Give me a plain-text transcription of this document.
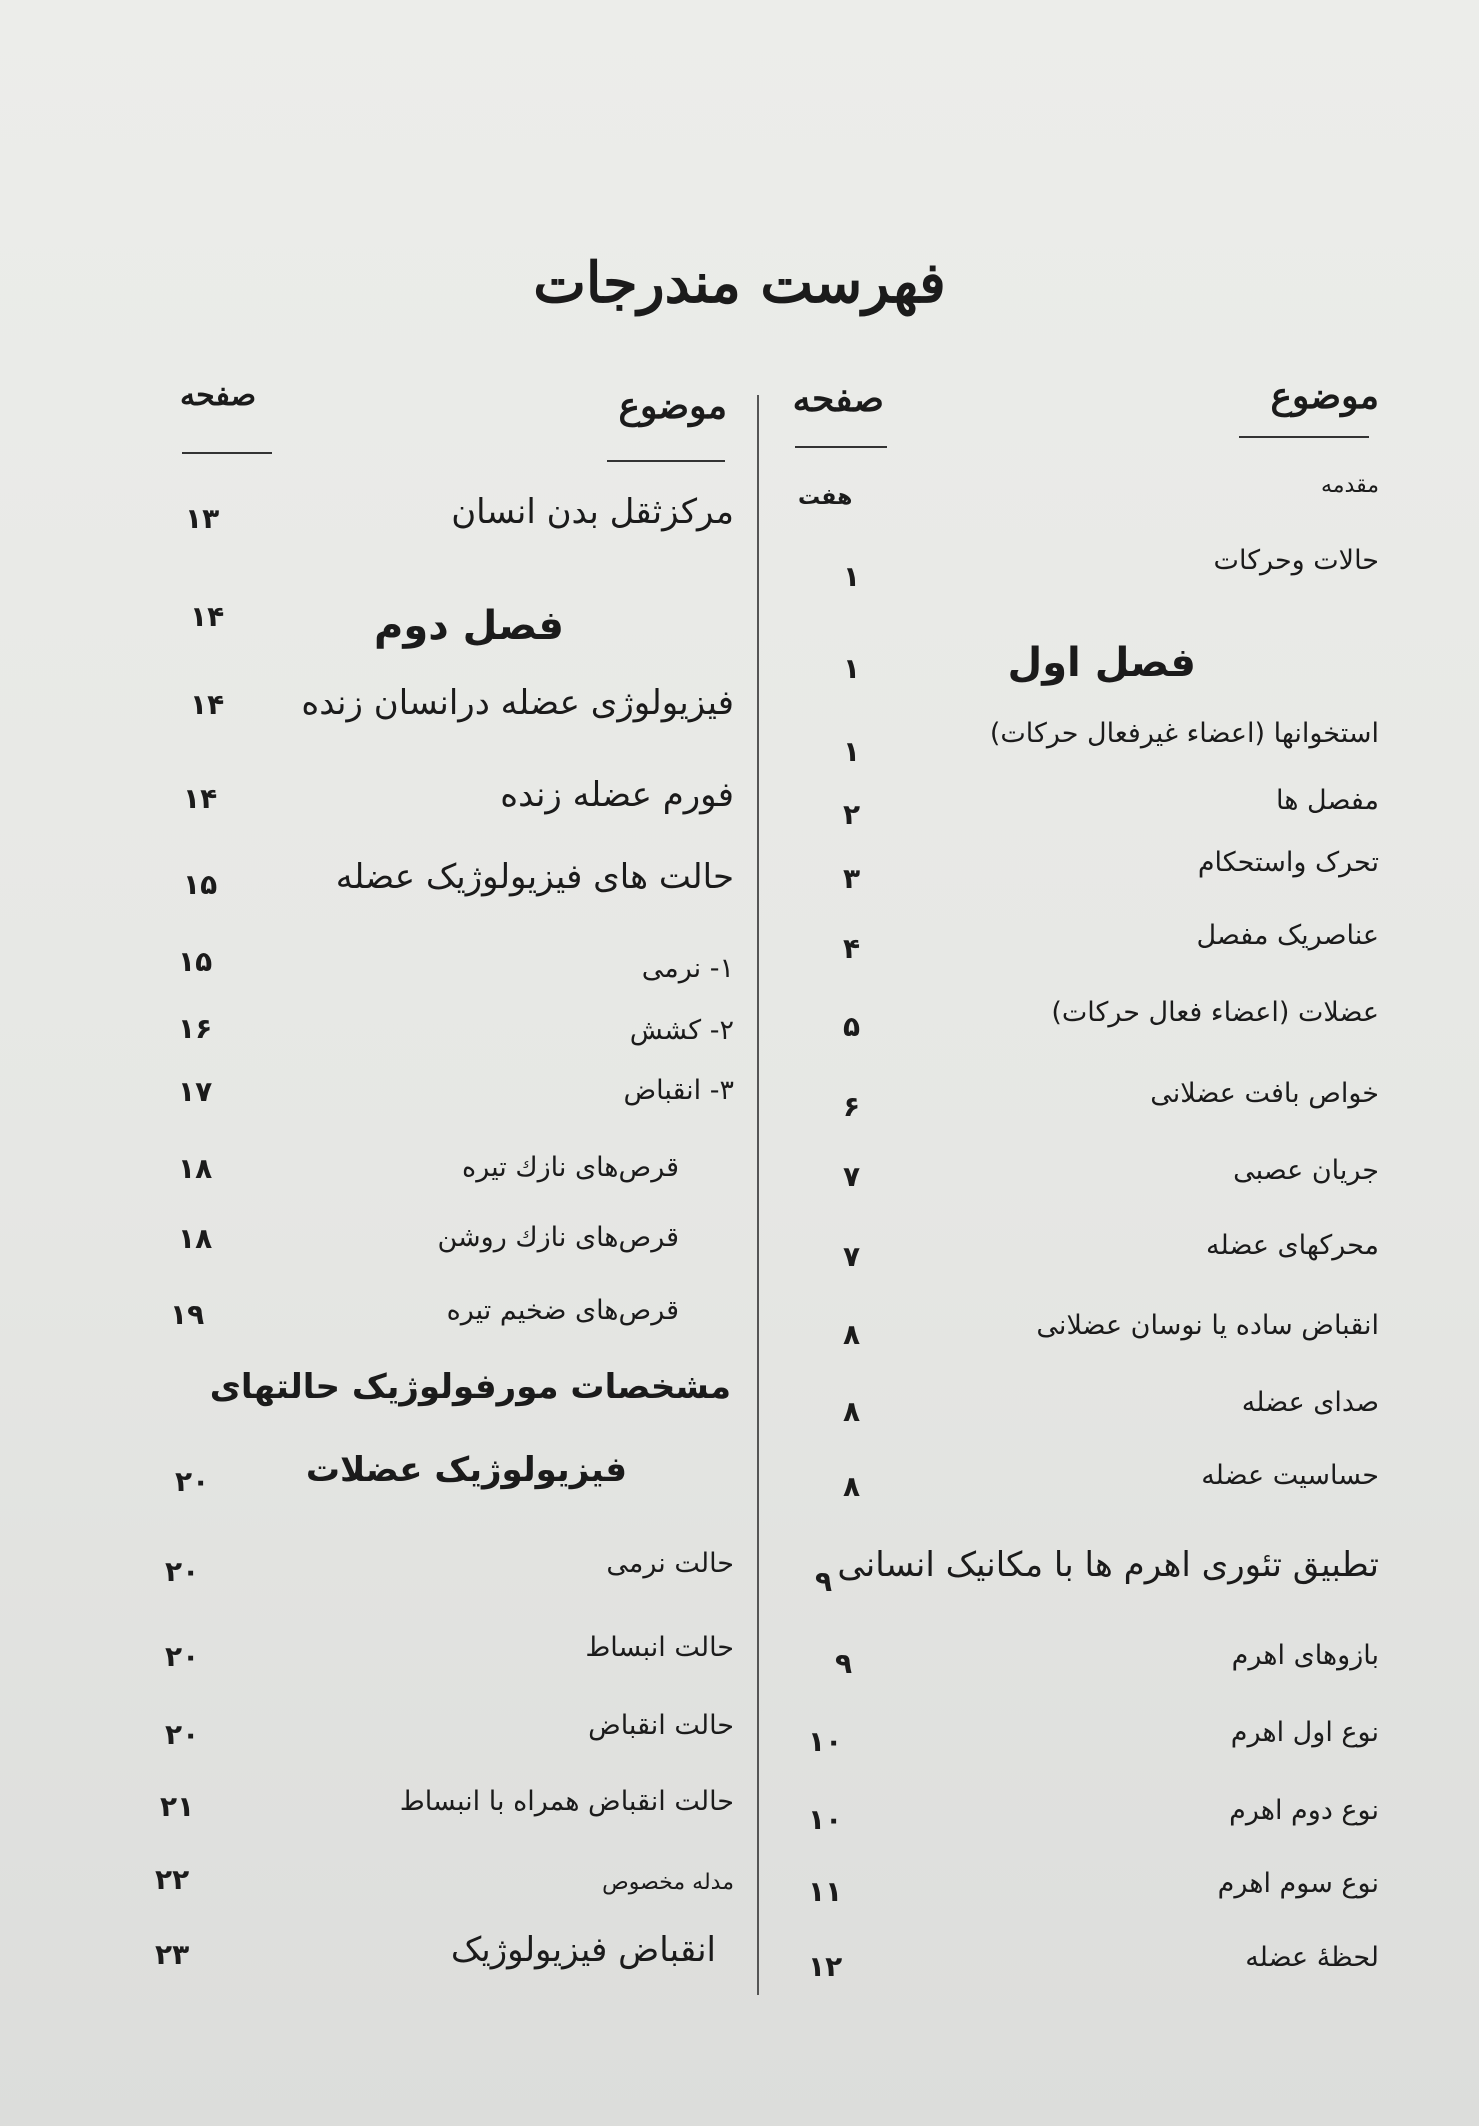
فهرست مندرجات
موضوع
صفحه
موضوع
صفحه
مقدمه
هفت
حالات وحرکات
۱
فصل اول
۱
استخوانها (اعضاء غیرفعال حرکات)
۱
مفصل ها
۲
تحرک واستحکام
۳
عناصریک مفصل
۴
عضلات (اعضاء فعال حرکات)
۵
خواص بافت عضلانی
۶
جریان عصبی
۷
محرکهای عضله
۷
انقباض ساده یا نوسان عضلانی
۸
صدای عضله
۸
حساسیت عضله
۸
تطبیق تئوری اهرم ها با مکانیک انسانی
۹
بازوهای اهرم
۹
نوع اول اهرم
۱۰
نوع دوم اهرم
۱۰
نوع سوم اهرم
۱۱
لحظهٔ عضله
۱۲
مرکزثقل بدن انسان
۱۳
فصل دوم
۱۴
فیزیولوژی عضله درانسان زنده
۱۴
فورم عضله زنده
۱۴
حالت های فیزیولوژیک عضله
۱۵
۱- نرمی
۱۵
۲- کشش
۱۶
۳- انقباض
۱۷
قرص‌های نازك تیره
۱۸
قرص‌های نازك روشن
۱۸
قرص‌های ضخیم تیره
۱۹
مشخصات مورفولوژیک حالتهای
فیزیولوژیک عضلات
۲۰
حالت نرمی
۲۰
حالت انبساط
۲۰
حالت انقباض
۲۰
حالت انقباض همراه با انبساط
۲۱
مدله مخصوص
۲۲
انقباض فیزیولوژیک
۲۳
